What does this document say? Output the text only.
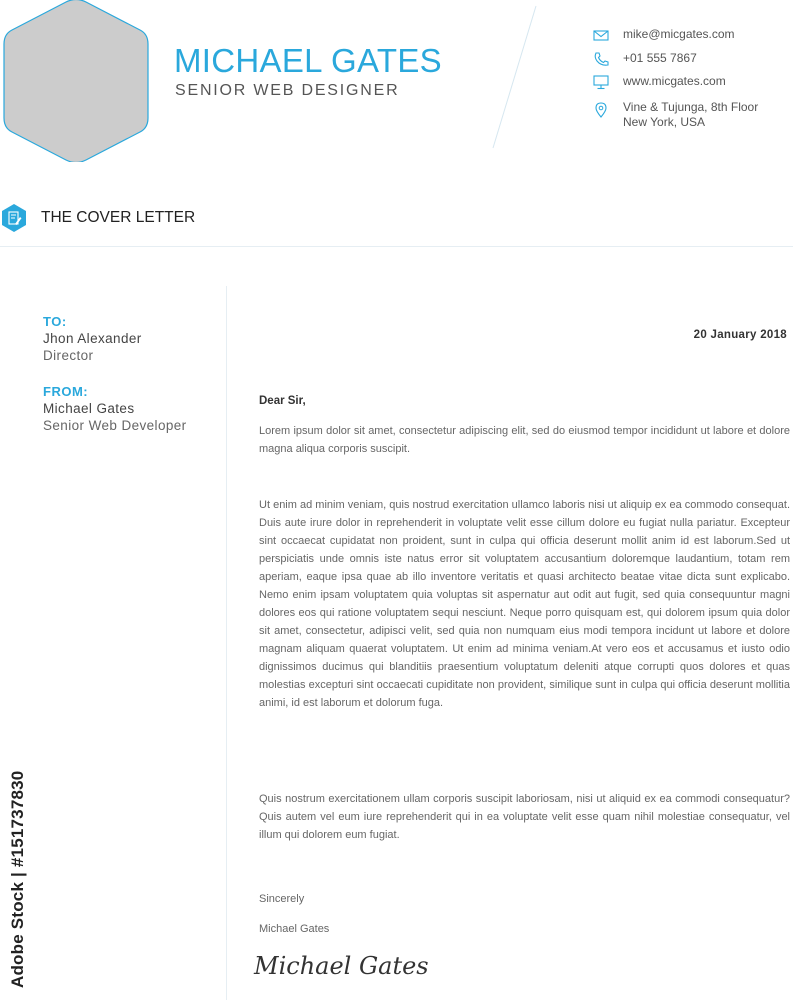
MICHAEL GATES
SENIOR WEB DESIGNER
mike@micgates.com
+01 555 7867
www.micgates.com
Vine & Tujunga, 8th Floor
New York, USA
THE COVER LETTER
TO:
Jhon Alexander
Director
FROM:
Michael Gates
Senior Web Developer
20 January 2018
Dear Sir,
Lorem ipsum dolor sit amet, consectetur adipiscing elit, sed do eiusmod tempor incididunt ut labore et dolore magna aliqua corporis suscipit.
Ut enim ad minim veniam, quis nostrud exercitation ullamco laboris nisi ut aliquip ex ea commodo consequat. Duis aute irure dolor in reprehenderit in voluptate velit esse cillum dolore eu fugiat nulla pariatur. Excepteur sint occaecat cupidatat non proident, sunt in culpa qui officia deserunt mollit anim id est laborum.Sed ut perspiciatis unde omnis iste natus error sit voluptatem accusantium doloremque laudantium, totam rem aperiam, eaque ipsa quae ab illo inventore veritatis et quasi architecto beatae vitae dicta sunt explicabo. Nemo enim ipsam voluptatem quia voluptas sit aspernatur aut odit aut fugit, sed quia consequuntur magni dolores eos qui ratione voluptatem sequi nesciunt. Neque porro quisquam est, qui dolorem ipsum quia dolor sit amet, consectetur, adipisci velit, sed quia non numquam eius modi tempora incidunt ut labore et dolore magnam aliquam quaerat voluptatem. Ut enim ad minima veniam.At vero eos et accusamus et iusto odio dignissimos ducimus qui blanditiis praesentium voluptatum deleniti atque corrupti quos dolores et quas molestias excepturi sint occaecati cupiditate non provident, similique sunt in culpa qui officia deserunt mollitia animi, id est laborum et dolorum fuga.
Quis nostrum exercitationem ullam corporis suscipit laboriosam, nisi ut aliquid ex ea commodi consequatur? Quis autem vel eum iure reprehenderit qui in ea voluptate velit esse quam nihil molestiae consequatur, vel illum qui dolorem eum fugiat.
Sincerely
Michael Gates
Michael Gates
Adobe Stock | #151737830
